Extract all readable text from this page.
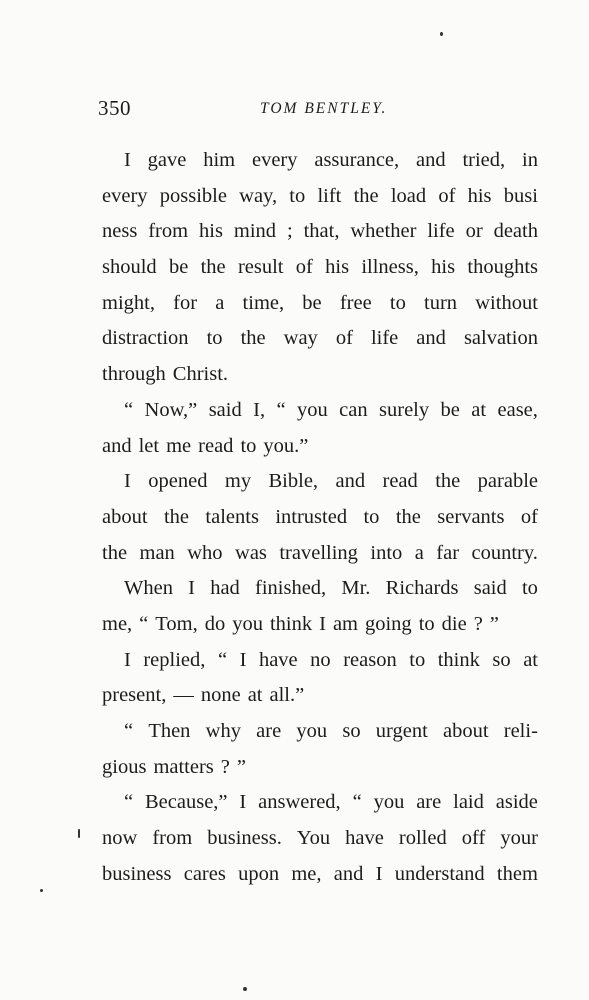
350	TOM BENTLEY.
I gave him every assurance, and tried, in
every possible way, to lift the load of his busi
ness from his mind ; that, whether life or death
should be the result of his illness, his thoughts
might, for a time, be free to turn without
distraction to the way of life and salvation
through Christ.
“ Now,” said I, “ you can surely be at ease,
and let me read to you.”
I opened my Bible, and read the parable
about the talents intrusted to the servants of
the man who was travelling into a far country.
When I had finished, Mr. Richards said to
me, “ Tom, do you think I am going to die ? ”
I replied, “ I have no reason to think so at
present, — none at all.”
“ Then why are you so urgent about reli-
gious matters ? ”
“ Because,” I answered, “ you are laid aside
now from business. You have rolled off your
business cares upon me, and I understand them
